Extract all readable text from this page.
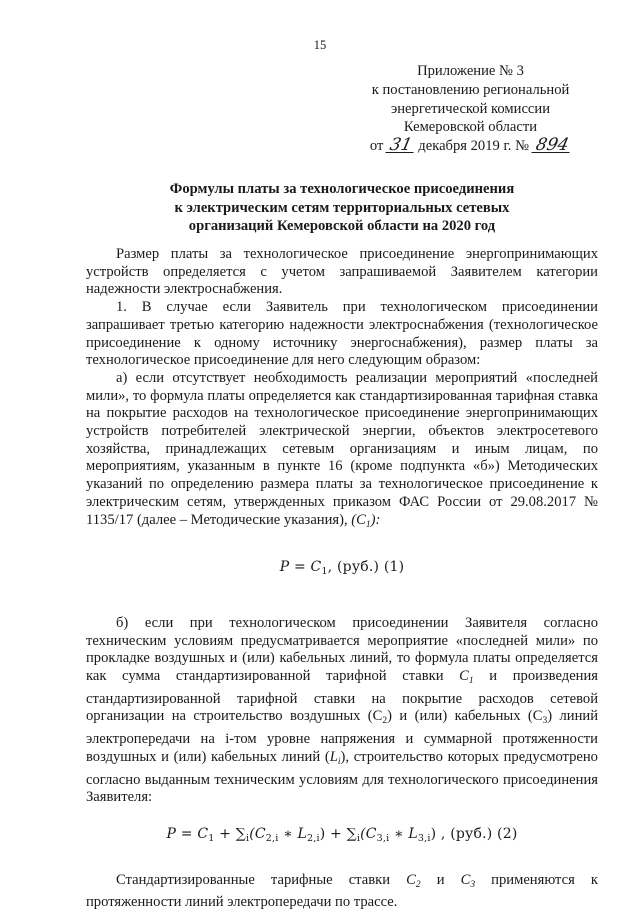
15
Приложение № 3
к постановлению региональной
энергетической комиссии
Кемеровской области
от 31 декабря 2019 г. № 894
Формулы платы за технологическое присоединения
к электрическим сетям территориальных сетевых
организаций Кемеровской области на 2020 год

Размер платы за технологическое присоединение энергопринимающих устройств определяется с учетом запрашиваемой Заявителем категории надежности электроснабжения.

1. В случае если Заявитель при технологическом присоединении запрашивает третью категорию надежности электроснабжения (технологическое присоединение к одному источнику энергоснабжения), размер платы за технологическое присоединение для него следующим образом:

а) если отсутствует необходимость реализации мероприятий «последней мили», то формула платы определяется как стандартизированная тарифная ставка на покрытие расходов на технологическое присоединение энергопринимающих устройств потребителей электрической энергии, объектов электросетевого хозяйства, принадлежащих сетевым организациям и иным лицам, по мероприятиям, указанным в пункте 16 (кроме подпункта «б») Методических указаний по определению размера платы за технологическое присоединение к электрическим сетям, утвержденных приказом ФАС России от 29.08.2017 № 1135/17 (далее – Методические указания), $(C_1)$:

$P = C_1$, (руб.) (1)

б) если при технологическом присоединении Заявителя согласно техническим условиям предусматривается мероприятие «последней мили» по прокладке воздушных и (или) кабельных линий, то формула платы определяется как сумма стандартизированной тарифной ставки $C_1$ и произведения стандартизированной тарифной ставки на покрытие расходов сетевой организации на строительство воздушных $(C_2)$ и (или) кабельных $(C_3)$ линий электропередачи на i-том уровне напряжения и суммарной протяженности воздушных и (или) кабельных линий $(L_i)$, строительство которых предусмотрено согласно выданным техническим условиям для технологического присоединения Заявителя:

$P = C_1 + \sum_i(C_{2,i}$ ∗ $L_{2,i}) + \sum_i(C_{3,i}$ ∗ $L_{3,i}$) , (руб.) (2)

Стандартизированные тарифные ставки $C_2$ и $C_3$ применяются к протяженности линий электропередачи по трассе.
